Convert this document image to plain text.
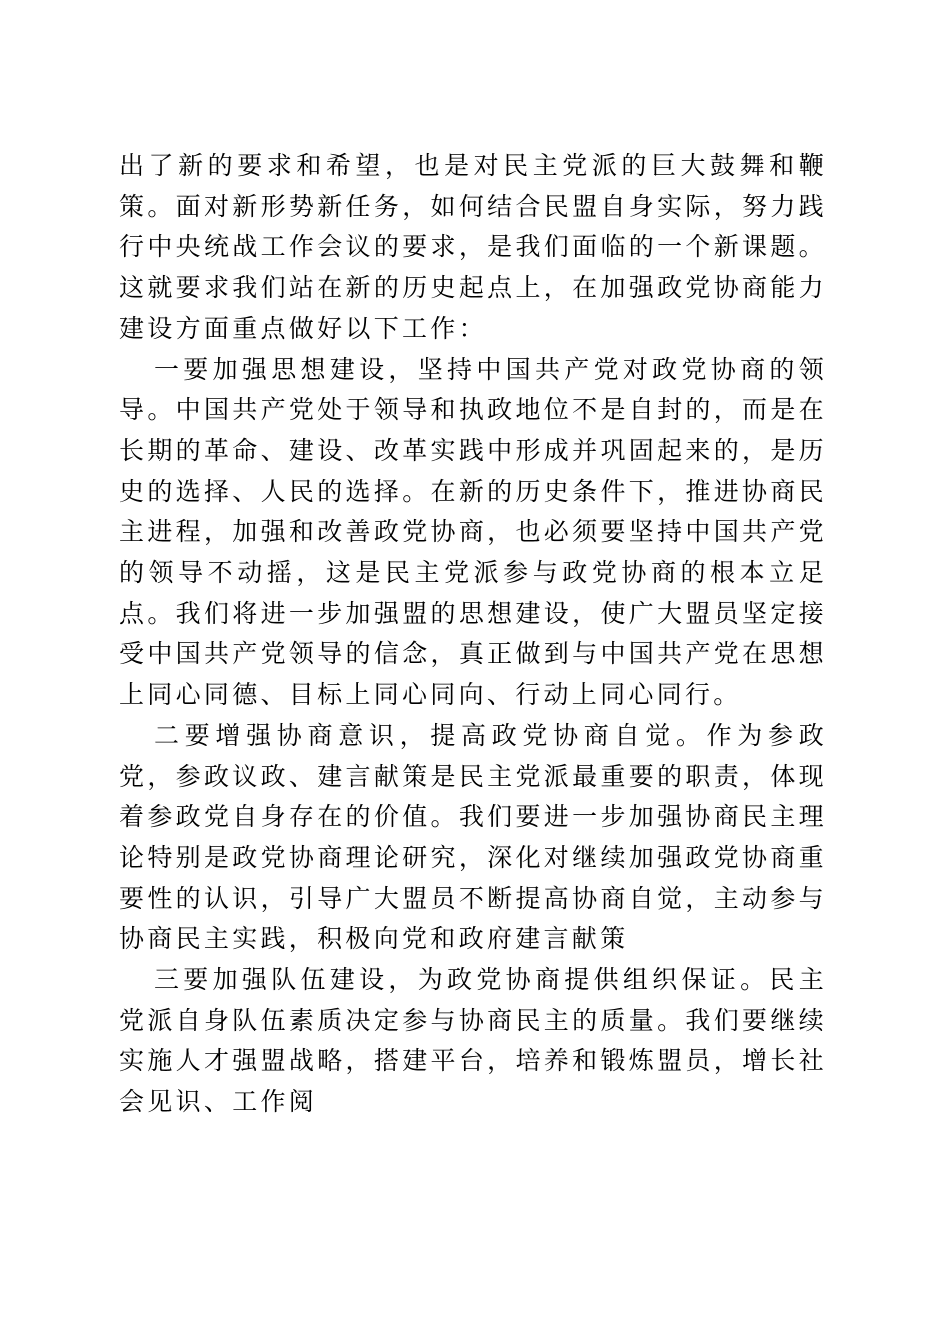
出了新的要求和希望，也是对民主党派的巨大鼓舞和鞭策。面对新形势新任务，如何结合民盟自身实际，努力践行中央统战工作会议的要求，是我们面临的一个新课题。这就要求我们站在新的历史起点上，在加强政党协商能力建设方面重点做好以下工作：

一要加强思想建设，坚持中国共产党对政党协商的领导。中国共产党处于领导和执政地位不是自封的，而是在长期的革命、建设、改革实践中形成并巩固起来的，是历史的选择、人民的选择。在新的历史条件下，推进协商民主进程，加强和改善政党协商，也必须要坚持中国共产党的领导不动摇，这是民主党派参与政党协商的根本立足点。我们将进一步加强盟的思想建设，使广大盟员坚定接受中国共产党领导的信念，真正做到与中国共产党在思想上同心同德、目标上同心同向、行动上同心同行。

二要增强协商意识，提高政党协商自觉。作为参政党，参政议政、建言献策是民主党派最重要的职责，体现着参政党自身存在的价值。我们要进一步加强协商民主理论特别是政党协商理论研究，深化对继续加强政党协商重要性的认识，引导广大盟员不断提高协商自觉，主动参与协商民主实践，积极向党和政府建言献策

三要加强队伍建设，为政党协商提供组织保证。民主党派自身队伍素质决定参与协商民主的质量。我们要继续实施人才强盟战略，搭建平台，培养和锻炼盟员，增长社会见识、工作阅
